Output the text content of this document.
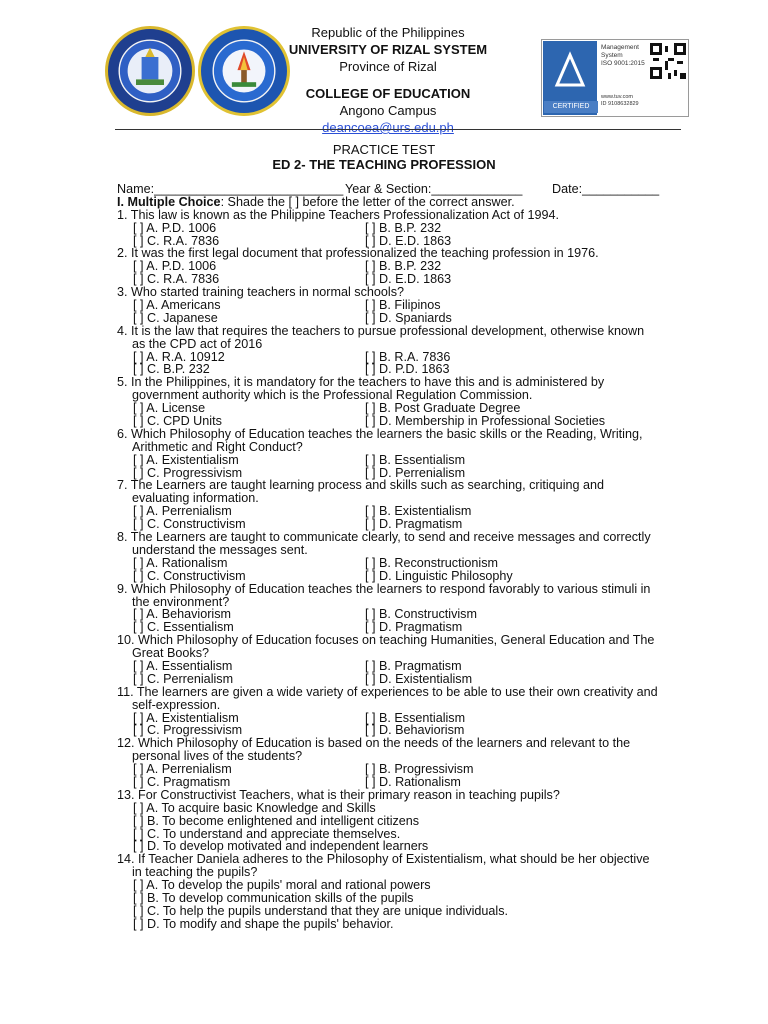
Republic of the Philippines
UNIVERSITY OF RIZAL SYSTEM
Province of Rizal
COLLEGE OF EDUCATION
Angono Campus
deancoea@urs.edu.ph
CERTIFIED
Management
System
ISO 9001:2015
www.tuv.com
ID 9108632829
PRACTICE TEST
ED 2- THE TEACHING PROFESSION
Name:___________________________ Year & Section:_____________ Date:___________
I. Multiple Choice: Shade the [ ] before the letter of the correct answer.
1. This law is known as the Philippine Teachers Professionalization Act of 1994.
[ ] A. P.D. 1006	[ ] B. B.P. 232
[ ] C. R.A. 7836	[ ] D. E.D. 1863
2. It was the first legal document that professionalized the teaching profession in 1976.
[ ] A. P.D. 1006	[ ] B. B.P. 232
[ ] C. R.A. 7836	[ ] D. E.D. 1863
3. Who started training teachers in normal schools?
[ ] A. Americans	[ ] B. Filipinos
[ ] C. Japanese	[ ] D. Spaniards
4. It is the law that requires the teachers to pursue professional development, otherwise known
as the CPD act of 2016
[ ] A. R.A. 10912	[ ] B. R.A. 7836
[ ] C. B.P. 232	[ ] D. P.D. 1863
5. In the Philippines, it is mandatory for the teachers to have this and is administered by
government authority which is the Professional Regulation Commission.
[ ] A. License	[ ] B. Post Graduate Degree
[ ] C. CPD Units	[ ] D. Membership in Professional Societies
6. Which Philosophy of Education teaches the learners the basic skills or the Reading, Writing,
Arithmetic and Right Conduct?
[ ] A. Existentialism	[ ] B. Essentialism
[ ] C. Progressivism	[ ] D. Perrenialism
7. The Learners are taught learning process and skills such as searching, critiquing and
evaluating information.
[ ] A. Perrenialism	[ ] B. Existentialism
[ ] C. Constructivism	[ ] D. Pragmatism
8. The Learners are taught to communicate clearly, to send and receive messages and correctly
understand the messages sent.
[ ] A. Rationalism	[ ] B. Reconstructionism
[ ] C. Constructivism	[ ] D. Linguistic Philosophy
9. Which Philosophy of Education teaches the learners to respond favorably to various stimuli in
the environment?
[ ] A. Behaviorism	[ ] B. Constructivism
[ ] C. Essentialism	[ ] D. Pragmatism
10. Which Philosophy of Education focuses on teaching Humanities, General Education and The
Great Books?
[ ] A. Essentialism	[ ] B. Pragmatism
[ ] C. Perrenialism	[ ] D. Existentialism
11. The learners are given a wide variety of experiences to be able to use their own creativity and
self-expression.
[ ] A. Existentialism	[ ] B. Essentialism
[ ] C. Progressivism	[ ] D. Behaviorism
12. Which Philosophy of Education is based on the needs of the learners and relevant to the
personal lives of the students?
[ ] A. Perrenialism	[ ] B. Progressivism
[ ] C. Pragmatism	[ ] D. Rationalism
13. For Constructivist Teachers, what is their primary reason in teaching pupils?
[ ] A. To acquire basic Knowledge and Skills
[ ] B. To become enlightened and intelligent citizens
[ ] C. To understand and appreciate themselves.
[ ] D. To develop motivated and independent learners
14. If Teacher Daniela adheres to the Philosophy of Existentialism, what should be her objective
in teaching the pupils?
[ ] A. To develop the pupils' moral and rational powers
[ ] B. To develop communication skills of the pupils
[ ] C. To help the pupils understand that they are unique individuals.
[ ] D. To modify and shape the pupils' behavior.
